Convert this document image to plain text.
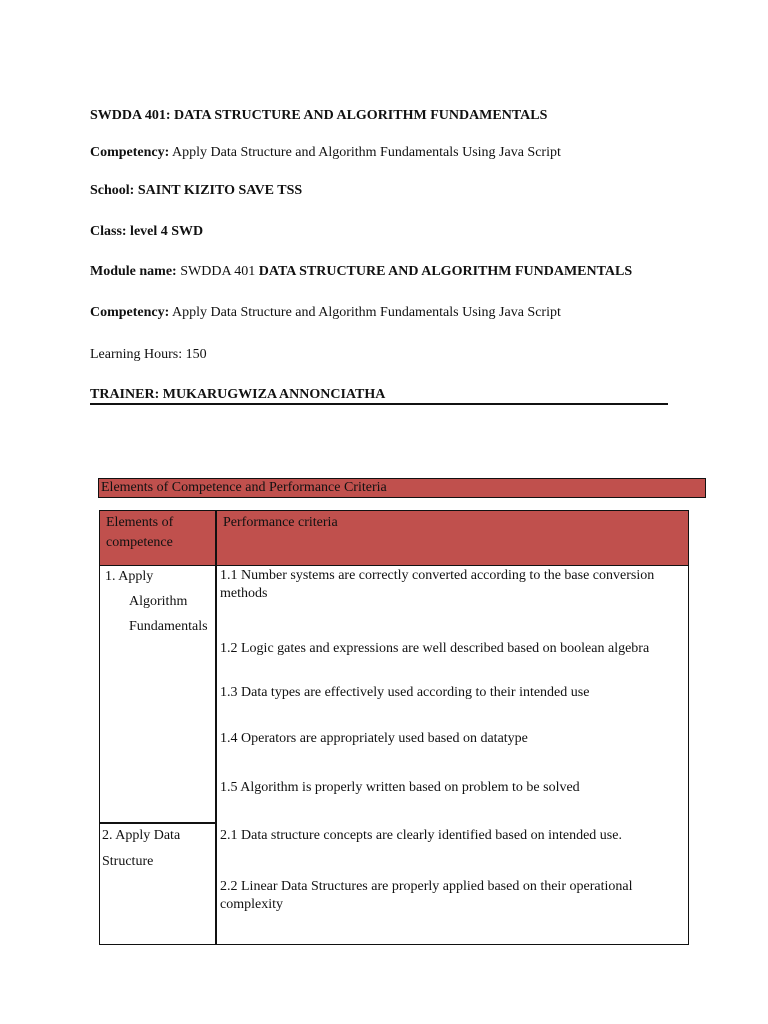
SWDDA 401: DATA STRUCTURE AND ALGORITHM FUNDAMENTALS
Competency: Apply Data Structure and Algorithm Fundamentals Using Java Script
School: SAINT KIZITO SAVE TSS
Class: level 4 SWD
Module name: SWDDA 401 DATA STRUCTURE AND ALGORITHM FUNDAMENTALS
Competency: Apply Data Structure and Algorithm Fundamentals Using Java Script
Learning Hours: 150
TRAINER: MUKARUGWIZA ANNONCIATHA
Elements of Competence and Performance Criteria
Elements of competence
Performance criteria
1. Apply
Algorithm
Fundamentals
2. Apply Data
Structure
1.1 Number systems are correctly converted according to the base conversion methods
1.2 Logic gates and expressions are well described based on boolean algebra
1.3 Data types are effectively used according to their intended use
1.4 Operators are appropriately used based on datatype
1.5 Algorithm is properly written based on problem to be solved
2.1 Data structure concepts are clearly identified based on intended use.
2.2 Linear Data Structures are properly applied based on their operational complexity
